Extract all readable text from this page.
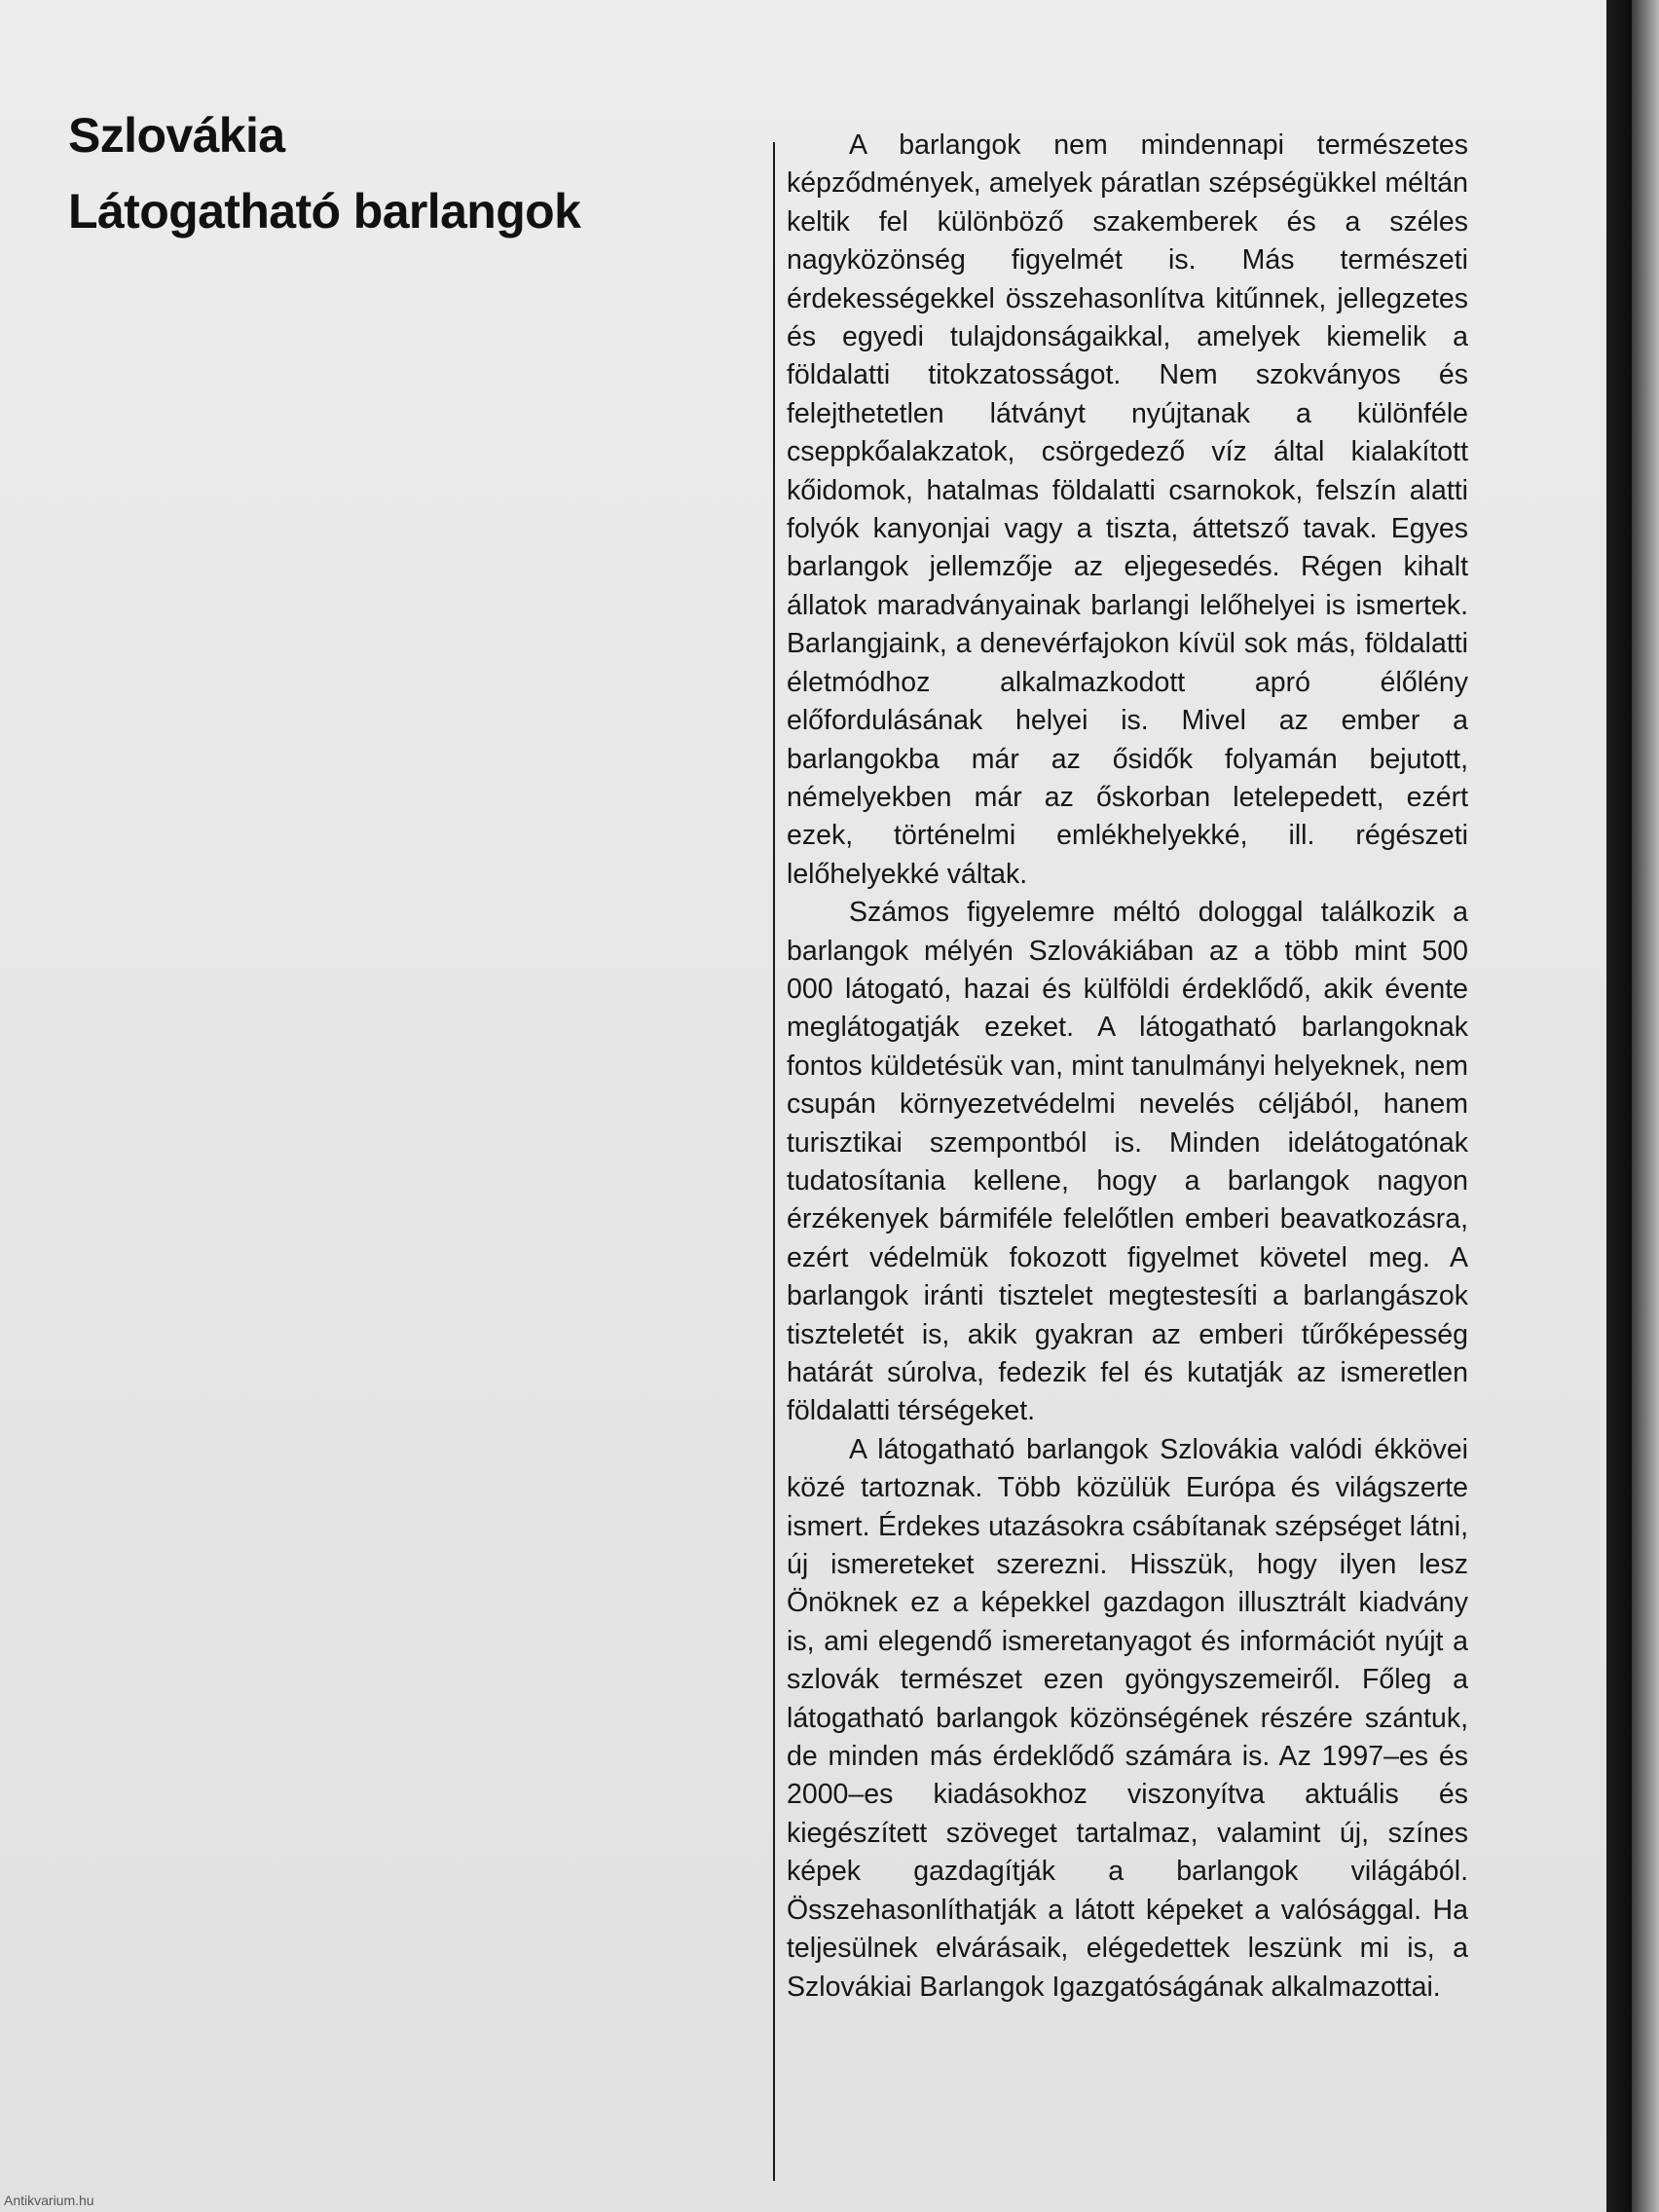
Szlovákia
Látogatható barlangok

A barlangok nem mindennapi természetes képződmények, amelyek páratlan szépségükkel méltán keltik fel különböző szakemberek és a széles nagyközönség figyelmét is. Más természeti érdekességekkel összehasonlítva kitűnnek, jellegzetes és egyedi tulajdonságaikkal, amelyek kiemelik a földalatti titokzatosságot. Nem szokványos és felejthetetlen látványt nyújtanak a különféle cseppkőalakzatok, csörgedező víz által kialakított kőidomok, hatalmas földalatti csarnokok, felszín alatti folyók kanyonjai vagy a tiszta, áttetsző tavak. Egyes barlangok jellemzője az eljegesedés. Régen kihalt állatok maradványainak barlangi lelőhelyei is ismertek. Barlangjaink, a denevérfajokon kívül sok más, földalatti életmódhoz alkalmazkodott apró élőlény előfordulásának helyei is. Mivel az ember a barlangokba már az ősidők folyamán bejutott, némelyekben már az őskorban letelepedett, ezért ezek, történelmi emlékhelyekké, ill. régészeti lelőhelyekké váltak.

Számos figyelemre méltó dologgal találkozik a barlangok mélyén Szlovákiában az a több mint 500 000 látogató, hazai és külföldi érdeklődő, akik évente meglátogatják ezeket. A látogatható barlangoknak fontos küldetésük van, mint tanulmányi helyeknek, nem csupán környezetvédelmi nevelés céljából, hanem turisztikai szempontból is. Minden idelátogatónak tudatosítania kellene, hogy a barlangok nagyon érzékenyek bármiféle felelőtlen emberi beavatkozásra, ezért védelmük fokozott figyelmet követel meg. A barlangok iránti tisztelet megtestesíti a barlangászok tiszteletét is, akik gyakran az emberi tűrőképesség határát súrolva, fedezik fel és kutatják az ismeretlen földalatti térségeket.

A látogatható barlangok Szlovákia valódi ékkövei közé tartoznak. Több közülük Európa és világszerte ismert. Érdekes utazásokra csábítanak szépséget látni, új ismereteket szerezni. Hisszük, hogy ilyen lesz Önöknek ez a képekkel gazdagon illusztrált kiadvány is, ami elegendő ismeretanyagot és információt nyújt a szlovák természet ezen gyöngyszemeiről. Főleg a látogatható barlangok közönségének részére szántuk, de minden más érdeklődő számára is. Az 1997–es és 2000–es kiadásokhoz viszonyítva aktuális és kiegészített szöveget tartalmaz, valamint új, színes képek gazdagítják a barlangok világából. Összehasonlíthatják a látott képeket a valósággal. Ha teljesülnek elvárásaik, elégedettek leszünk mi is, a Szlovákiai Barlangok Igazgatóságának alkalmazottai.

Antikvarium.hu
